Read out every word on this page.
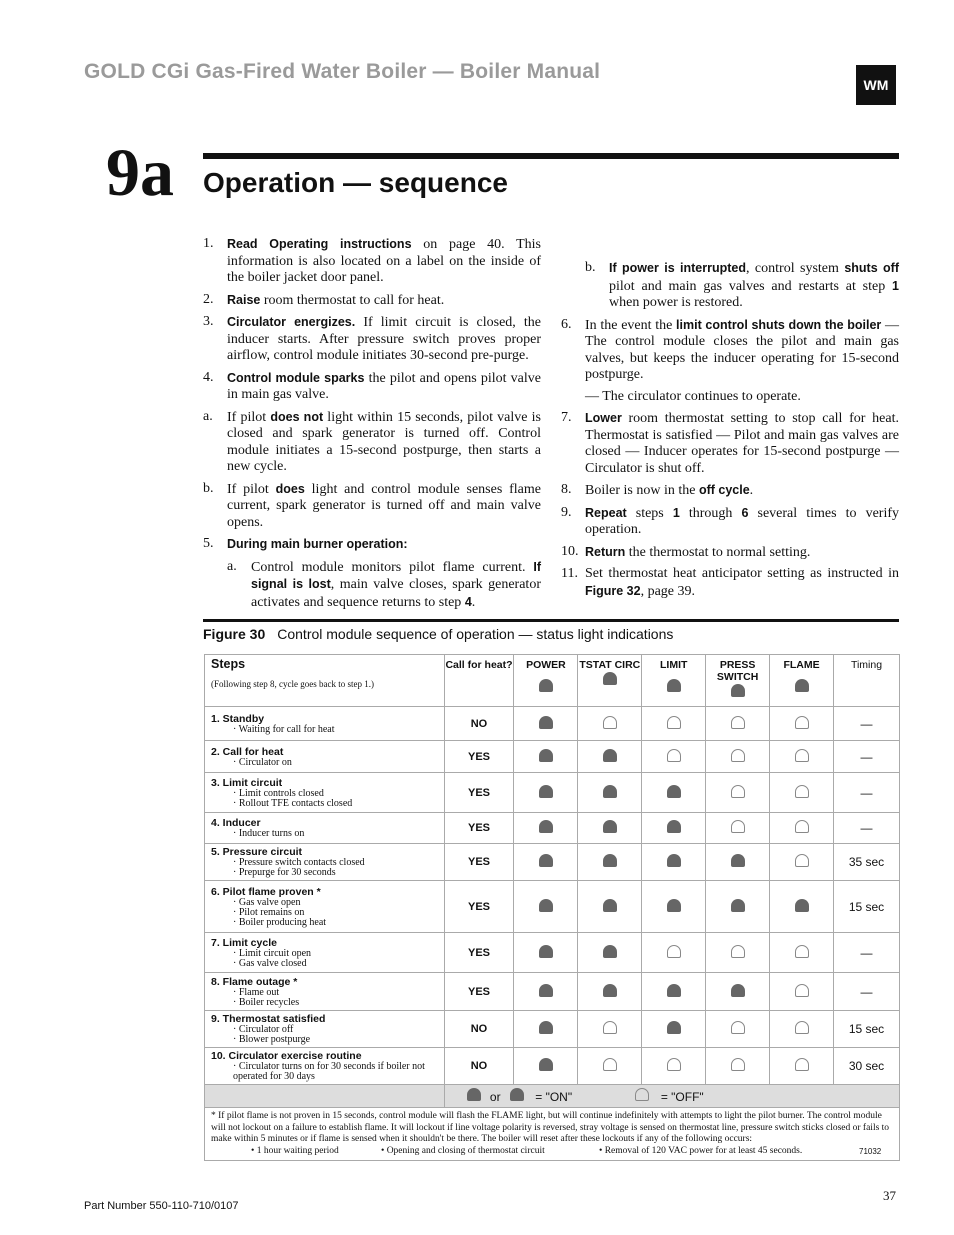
GOLD CGi Gas-Fired Water Boiler — Boiler Manual
WM
9a Operation — sequence
1.	Read Operating instructions on page 40. This information is also located on a label on the inside of the boiler jacket door panel.
2.	Raise room thermostat to call for heat.
3.	Circulator energizes. If limit circuit is closed, the inducer starts. After pressure switch proves proper airflow, control module initiates 30-second pre-purge.
4.	Control module sparks the pilot and opens pilot valve in main gas valve.
a.	If pilot does not light within 15 seconds, pilot valve is closed and spark generator is turned off. Control module initiates a 15-second postpurge, then starts a new cycle.
b. If pilot does light and control module senses flame current, spark generator is turned off and main valve opens.
5.	During main burner operation:
a.	Control module monitors pilot flame current. If signal is lost, main valve closes, spark generator activates and sequence returns to step 4.
b.	If power is interrupted, control system shuts off pilot and main gas valves and restarts at step 1 when power is restored.
6. In the event the limit control shuts down the boiler — The control module closes the pilot and main gas valves, but keeps the inducer operating for 15-second postpurge.
— The circulator continues to operate.
7.	Lower room thermostat setting to stop call for heat. Thermostat is satisfied — Pilot and main gas valves are closed — Inducer operates for 15-second postpurge — Circulator is shut off.
8. Boiler is now in the off cycle.
9.	Repeat steps 1 through 6 several times to verify operation.
10. Return the thermostat to normal setting.
11. Set thermostat heat anticipator setting as instructed in Figure 32, page 39.
Figure 30 Control module sequence of operation — status light indications
Steps
(Following step 8, cycle goes back to step 1.)	Call for heat?	POWER	TSTAT CIRC	LIMIT	PRESS SWITCH	FLAME	Timing

1. Standby
· Waiting for call for heat	NO						—

2. Call for heat
· Circulator on	YES						—

3. Limit circuit
· Limit controls closed
· Rollout TFE contacts closed	YES						—

4. Inducer
· Inducer turns on	YES						—

5. Pressure circuit
· Pressure switch contacts closed
· Prepurge for 30 seconds	YES						35 sec

6. Pilot flame proven *
· Gas valve open
· Pilot remains on
· Boiler producing heat	YES						15 sec

7. Limit cycle
· Limit circuit open
· Gas valve closed	YES						—

8. Flame outage *
· Flame out
· Boiler recycles	YES						—

9. Thermostat satisfied
· Circulator off
· Blower postpurge	NO						15 sec

10. Circulator exercise routine
· Circulator turns on for 30 seconds if boiler not operated for 30 days	NO						30 sec
	or = "ON" = "OFF"						

* If pilot flame is not proven in 15 seconds, control module will flash the FLAME light, but will continue indefinitely with attempts to light the pilot burner. The control module will not lockout on a failure to establish flame. It will lockout if line voltage polarity is reversed, stray voltage is sensed on thermostat line, pressure switch sticks closed or fails to make within 5 minutes or if flame is sensed when it shouldn't be there. The boiler will reset after these lockouts if any of the following occurs:
• 1 hour waiting period • Opening and closing of thermostat circuit • Removal of 120 VAC power for at least 45 seconds. 71032							
37
Part Number 550-110-710/0107
